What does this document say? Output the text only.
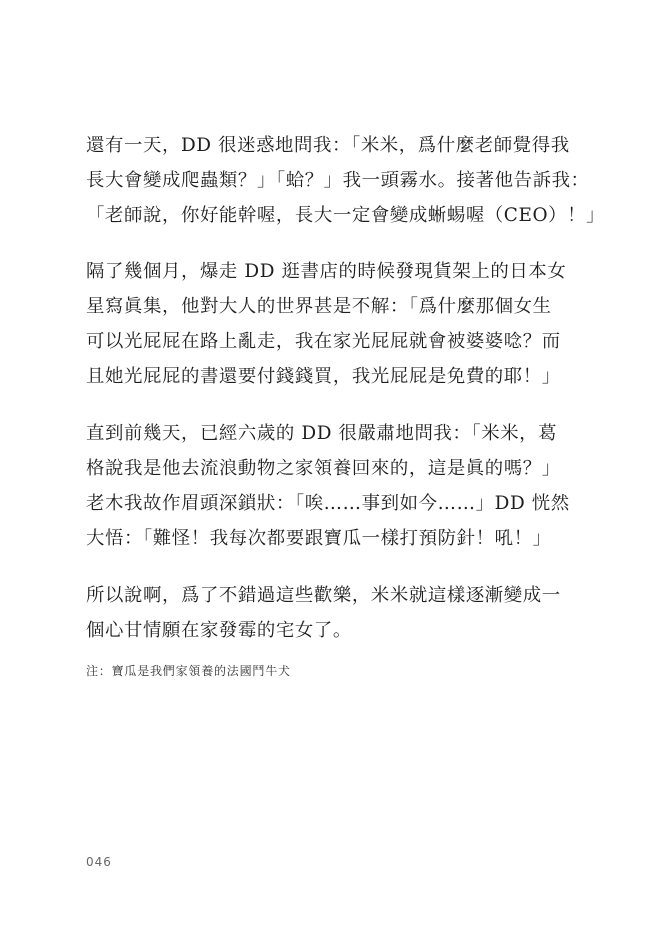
還有一天，DD 很迷惑地問我：「米米，爲什麼老師覺得我
長大會變成爬蟲類？」「蛤？」我一頭霧水。接著他告訴我：
「老師說，你好能幹喔，長大一定會變成蜥蜴喔（CEO）！」
隔了幾個月，爆走 DD 逛書店的時候發現貨架上的日本女
星寫眞集，他對大人的世界甚是不解：「爲什麼那個女生
可以光屁屁在路上亂走，我在家光屁屁就會被婆婆唸？而
且她光屁屁的書還要付錢錢買，我光屁屁是免費的耶！」
直到前幾天，已經六歲的 DD 很嚴肅地問我：「米米，葛
格說我是他去流浪動物之家領養回來的，這是眞的嗎？」
老木我故作眉頭深鎖狀：「唉……事到如今……」DD 恍然
大悟：「難怪！我每次都要跟寶瓜一樣打預防針！吼！」
所以說啊，爲了不錯過這些歡樂，米米就這樣逐漸變成一
個心甘情願在家發霉的宅女了。
注：寶瓜是我們家領養的法國鬥牛犬
046
